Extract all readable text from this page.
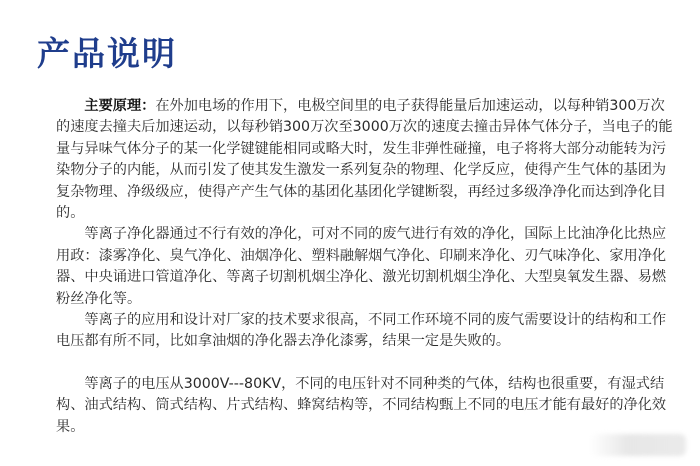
产品说明

主要原理：在外加电场的作用下，电极空间里的电子获得能量后加速运动，以每种销300万次的速度去撞夫后加速运动，以每秒销300万次至3000万次的速度去撞击异体气体分子，当电子的能量与异味气体分子的某一化学键键能相同或略大时，发生非弹性碰撞，电子将将大部分动能转为污染物分子的内能，从而引发了使其发生激发一系列复杂的物理、化学反应，使得产生气体的基团为复杂物理、净级级应，使得产产生气体的基团化基团化学键断裂，再经过多级净净化而达到净化目的。

等离子净化器通过不行有效的净化，可对不同的废气进行有效的净化，国际上比油净化比热应用政：漆雾净化、臭气净化、油烟净化、塑料融解烟气净化、印刷来净化、刃气味净化、家用净化器、中央诵进口管道净化、等离子切割机烟尘净化、激光切割机烟尘净化、大型臭氧发生器、易燃粉丝净化等。

等离子的应用和设计对厂家的技术要求很高，不同工作环境不同的废气需要设计的结构和工作电压都有所不同，比如拿油烟的净化器去净化漆雾，结果一定是失败的。

等离子的电压从3000V---80KV，不同的电压针对不同种类的气体，结构也很重要，有湿式结构、油式结构、筒式结构、片式结构、蜂窝结构等，不同结构甄上不同的电压才能有最好的净化效果。
